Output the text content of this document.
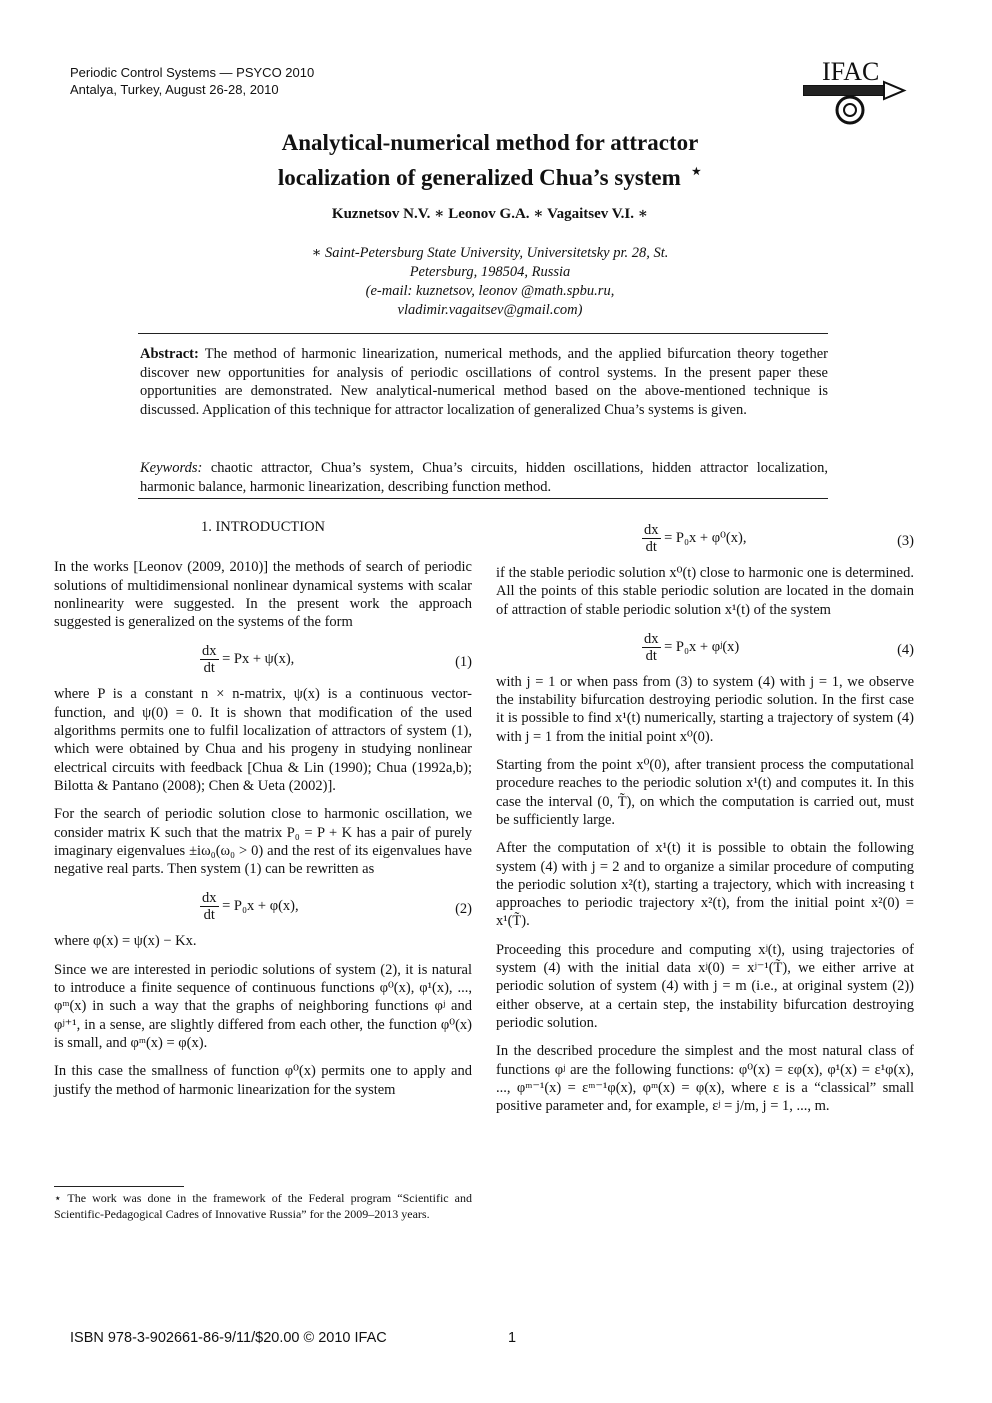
Periodic Control Systems — PSYCO 2010
Antalya, Turkey, August 26-28, 2010
IFAC
Analytical-numerical method for attractor
localization of generalized Chua’s system ⋆
Kuznetsov N.V. ∗ Leonov G.A. ∗ Vagaitsev V.I. ∗
∗ Saint-Petersburg State University, Universitetsky pr. 28, St.
Petersburg, 198504, Russia
(e-mail: kuznetsov, leonov @math.spbu.ru,
vladimir.vagaitsev@gmail.com)
Abstract: The method of harmonic linearization, numerical methods, and the applied bifurcation theory together discover new opportunities for analysis of periodic oscillations of control systems. In the present paper these opportunities are demonstrated. New analytical-numerical method based on the above-mentioned technique is discussed. Application of this technique for attractor localization of generalized Chua’s systems is given.
Keywords: chaotic attractor, Chua’s system, Chua’s circuits, hidden oscillations, hidden attractor localization, harmonic balance, harmonic linearization, describing function method.
1. INTRODUCTION

In the works [Leonov (2009, 2010)] the methods of search of periodic solutions of multidimensional nonlinear dynamical systems with scalar nonlinearity were suggested. In the present work the approach suggested is generalized on the systems of the form

$\frac{dx}{dt} = Px + \psi(x)$,	(1)

where P is a constant n × n-matrix, ψ(x) is a continuous vector-function, and ψ(0) = 0. It is shown that modification of the used algorithms permits one to fulfil localization of attractors of system (1), which were obtained by Chua and his progeny in studying nonlinear electrical circuits with feedback [Chua & Lin (1990); Chua (1992a,b); Bilotta & Pantano (2008); Chen & Ueta (2002)].

For the search of periodic solution close to harmonic oscillation, we consider matrix K such that the matrix P₀ = P + K has a pair of purely imaginary eigenvalues ±iω₀(ω₀ > 0) and the rest of its eigenvalues have negative real parts. Then system (1) can be rewritten as

$\frac{dx}{dt} = P_0x + \varphi(x)$,	(2)

where φ(x) = ψ(x) − Kx.

Since we are interested in periodic solutions of system (2), it is natural to introduce a finite sequence of continuous functions φ⁰(x), φ¹(x), ..., φᵐ(x) in such a way that the graphs of neighboring functions φʲ and φʲ⁺¹, in a sense, are slightly differed from each other, the function φ⁰(x) is small, and φᵐ(x) = φ(x).

In this case the smallness of function φ⁰(x) permits one to apply and justify the method of harmonic linearization for the system

⋆ The work was done in the framework of the Federal program “Scientific and Scientific-Pedagogical Cadres of Innovative Russia” for the 2009–2013 years.
$\frac{dx}{dt} = P_0x + \varphi^0(x)$,	(3)

if the stable periodic solution x⁰(t) close to harmonic one is determined. All the points of this stable periodic solution are located in the domain of attraction of stable periodic solution x¹(t) of the system

$\frac{dx}{dt} = P_0x$ + φʲ(x)	(4)

with j = 1 or when pass from (3) to system (4) with j = 1, we observe the instability bifurcation destroying periodic solution. In the first case it is possible to find x¹(t) numerically, starting a trajectory of system (4) with j = 1 from the initial point x⁰(0).

Starting from the point x⁰(0), after transient process the computational procedure reaches to the periodic solution x¹(t) and computes it. In this case the interval (0, T̃), on which the computation is carried out, must be sufficiently large.

After the computation of x¹(t) it is possible to obtain the following system (4) with j = 2 and to organize a similar procedure of computing the periodic solution x²(t), starting a trajectory, which with increasing t approaches to periodic trajectory x²(t), from the initial point x²(0) = x¹(T̃).

Proceeding this procedure and computing xʲ(t), using trajectories of system (4) with the initial data xʲ(0) = xʲ⁻¹(T̃), we either arrive at periodic solution of system (4) with j = m (i.e., at original system (2)) either observe, at a certain step, the instability bifurcation destroying periodic solution.

In the described procedure the simplest and the most natural class of functions φʲ are the following functions: φ⁰(x) = εφ(x), φ¹(x) = ε¹φ(x), ..., φᵐ⁻¹(x) = εᵐ⁻¹φ(x), φᵐ(x) = φ(x), where ε is a “classical” small positive parameter and, for example, εʲ = j/m, j = 1, ..., m.

ISBN 978-3-902661-86-9/11/$20.00 © 2010 IFAC	1
